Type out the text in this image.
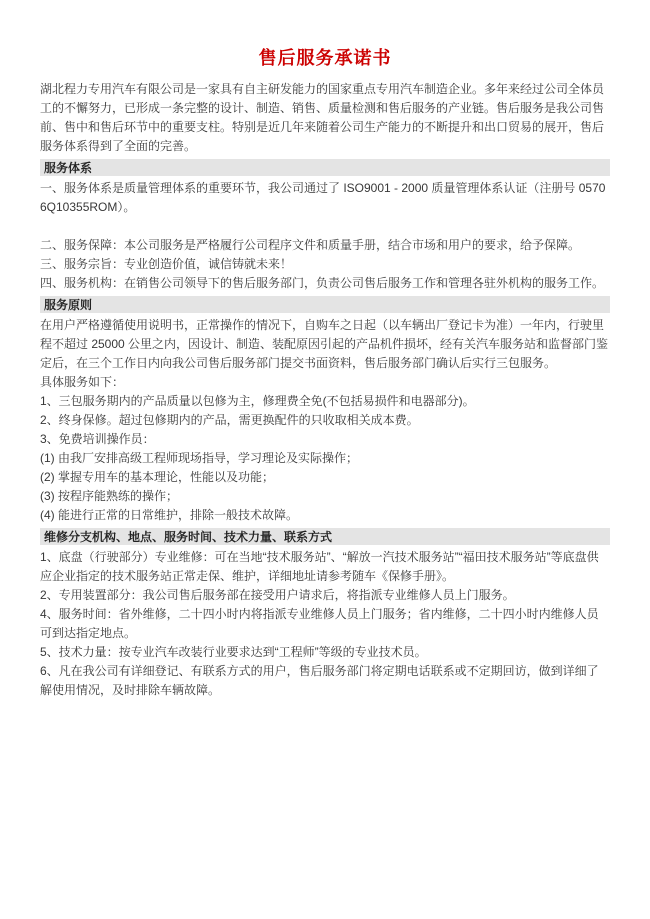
售后服务承诺书

湖北程力专用汽车有限公司是一家具有自主研发能力的国家重点专用汽车制造企业。多年来经过公司全体员工的不懈努力，已形成一条完整的设计、制造、销售、质量检测和售后服务的产业链。售后服务是我公司售前、售中和售后环节中的重要支柱。特别是近几年来随着公司生产能力的不断提升和出口贸易的展开，售后服务体系得到了全面的完善。

服务体系

一、服务体系是质量管理体系的重要环节，我公司通过了 ISO9001 - 2000 质量管理体系认证（注册号 05706Q10355ROM）。

二、服务保障：本公司服务是严格履行公司程序文件和质量手册，结合市场和用户的要求，给予保障。

三、服务宗旨：专业创造价值，诚信铸就未来！

四、服务机构：在销售公司领导下的售后服务部门，负责公司售后服务工作和管理各驻外机构的服务工作。

服务原则

在用户严格遵循使用说明书，正常操作的情况下，自购车之日起（以车辆出厂登记卡为准）一年内，行驶里程不超过 25000 公里之内，因设计、制造、装配原因引起的产品机件损坏，经有关汽车服务站和监督部门鉴定后，在三个工作日内向我公司售后服务部门提交书面资料，售后服务部门确认后实行三包服务。

具体服务如下：

1、三包服务期内的产品质量以包修为主，修理费全免(不包括易损件和电器部分)。

2、终身保修。超过包修期内的产品，需更换配件的只收取相关成本费。

3、免费培训操作员：

(1) 由我厂安排高级工程师现场指导，学习理论及实际操作；

(2) 掌握专用车的基本理论，性能以及功能；

(3) 按程序能熟练的操作；

(4) 能进行正常的日常维护，排除一般技术故障。

维修分支机构、地点、服务时间、技术力量、联系方式

1、底盘（行驶部分）专业维修：可在当地“技术服务站”、“解放一汽技术服务站”“福田技术服务站”等底盘供应企业指定的技术服务站正常走保、维护，详细地址请参考随车《保修手册》。

2、专用装置部分：我公司售后服务部在接受用户请求后，将指派专业维修人员上门服务。

4、服务时间：省外维修，二十四小时内将指派专业维修人员上门服务；省内维修，二十四小时内维修人员可到达指定地点。

5、技术力量：按专业汽车改装行业要求达到“工程师”等级的专业技术员。

6、凡在我公司有详细登记、有联系方式的用户，售后服务部门将定期电话联系或不定期回访，做到详细了解使用情况，及时排除车辆故障。
